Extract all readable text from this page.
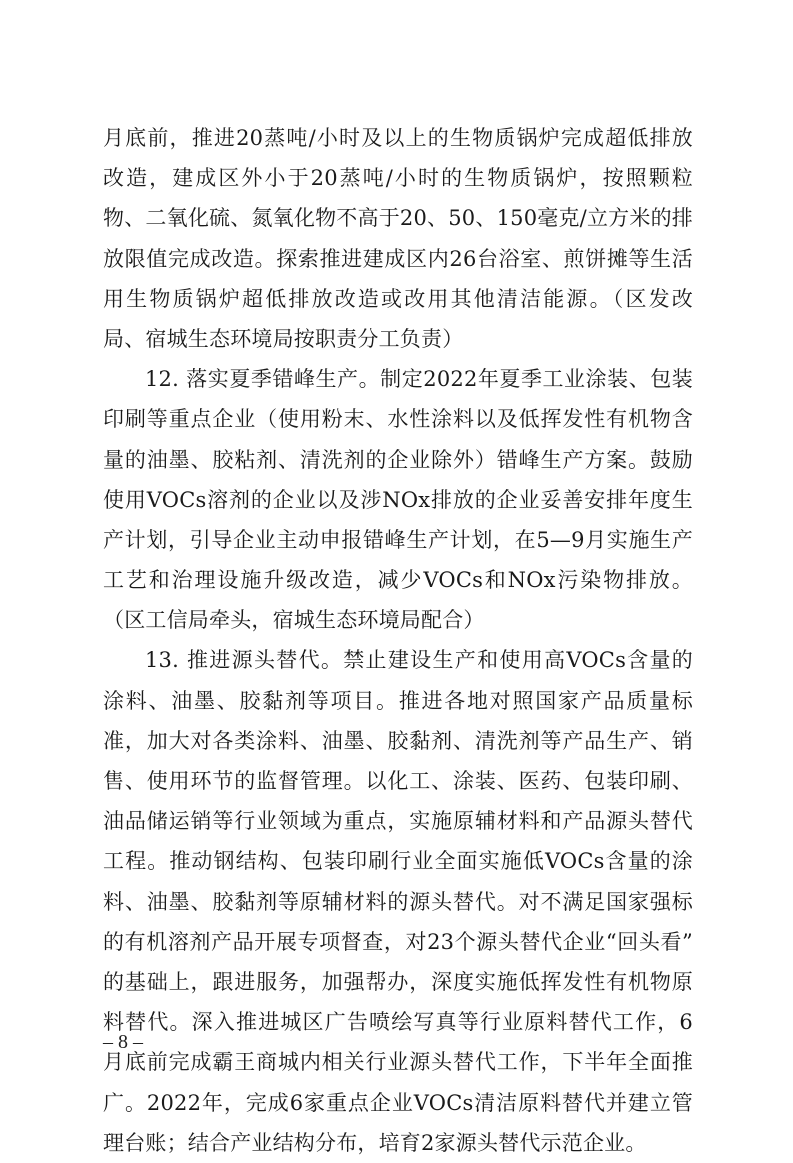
月底前，推进20蒸吨/小时及以上的生物质锅炉完成超低排放
改造，建成区外小于20蒸吨/小时的生物质锅炉，按照颗粒
物、二氧化硫、氮氧化物不高于20、50、150毫克/立方米的排
放限值完成改造。探索推进建成区内26台浴室、煎饼摊等生活
用生物质锅炉超低排放改造或改用其他清洁能源。（区发改
局、宿城生态环境局按职责分工负责）
12. 落实夏季错峰生产。制定2022年夏季工业涂装、包装
印刷等重点企业（使用粉末、水性涂料以及低挥发性有机物含
量的油墨、胶粘剂、清洗剂的企业除外）错峰生产方案。鼓励
使用VOCs溶剂的企业以及涉NOx排放的企业妥善安排年度生
产计划，引导企业主动申报错峰生产计划，在5—9月实施生产
工艺和治理设施升级改造，减少VOCs和NOx污染物排放。
（区工信局牵头，宿城生态环境局配合）
13. 推进源头替代。禁止建设生产和使用高VOCs含量的
涂料、油墨、胶黏剂等项目。推进各地对照国家产品质量标
准，加大对各类涂料、油墨、胶黏剂、清洗剂等产品生产、销
售、使用环节的监督管理。以化工、涂装、医药、包装印刷、
油品储运销等行业领域为重点，实施原辅材料和产品源头替代
工程。推动钢结构、包装印刷行业全面实施低VOCs含量的涂
料、油墨、胶黏剂等原辅材料的源头替代。对不满足国家强标
的有机溶剂产品开展专项督查，对23个源头替代企业“回头看”
的基础上，跟进服务，加强帮办，深度实施低挥发性有机物原
料替代。深入推进城区广告喷绘写真等行业原料替代工作，6
月底前完成霸王商城内相关行业源头替代工作，下半年全面推
广。2022年，完成6家重点企业VOCs清洁原料替代并建立管
理台账；结合产业结构分布，培育2家源头替代示范企业。
– 8 –
